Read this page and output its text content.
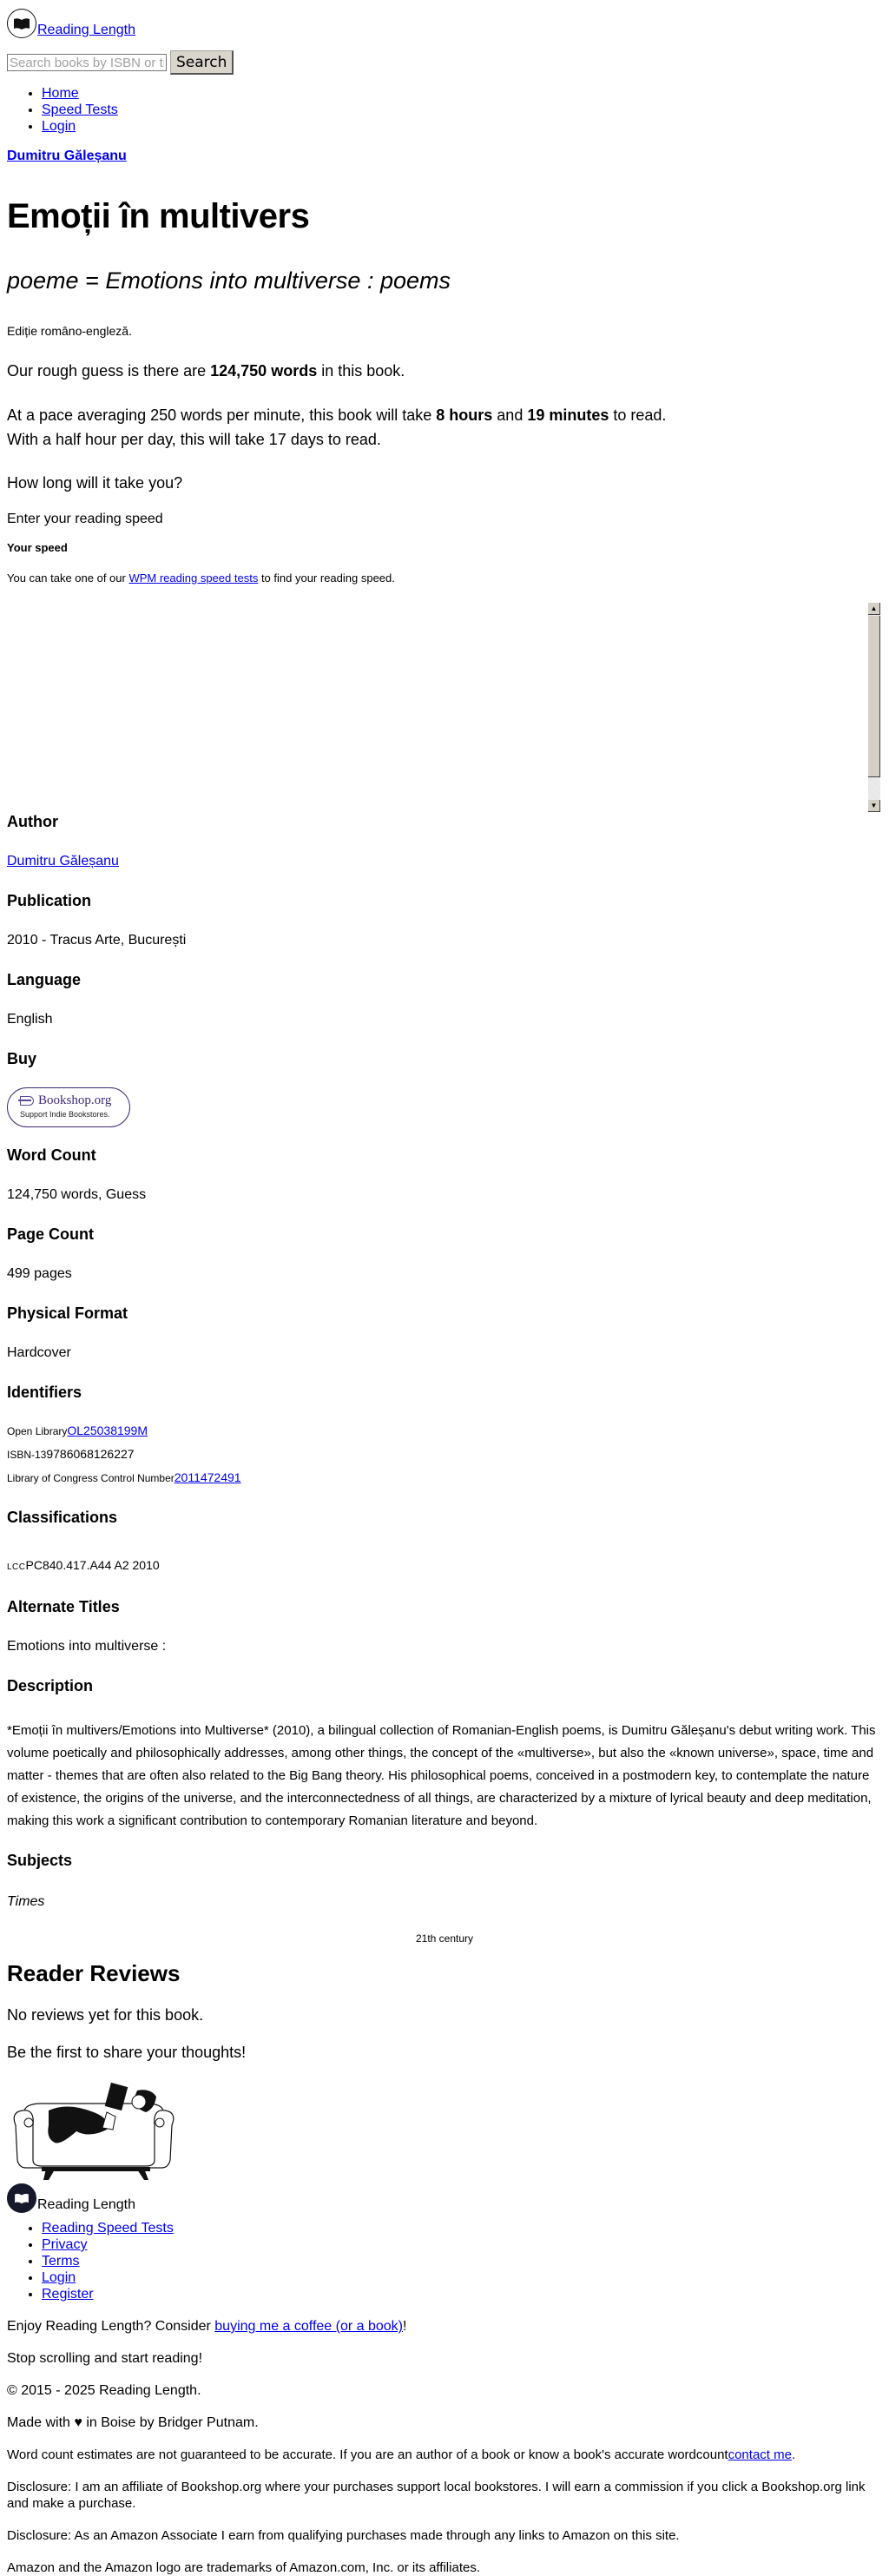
Reading Length
Search books by ISBN or title
Search
• Home
• Speed Tests
• Login
Dumitru Găleșanu
Emoții în multivers
poeme = Emotions into multiverse : poems
Ediție româno-engleză.
Our rough guess is there are 124,750 words in this book.
At a pace averaging 250 words per minute, this book will take 8 hours and 19 minutes to read.
With a half hour per day, this will take 17 days to read.
How long will it take you?
Enter your reading speed
Your speed
You can take one of our WPM reading speed tests to find your reading speed.
▲
▼
Author
Dumitru Găleșanu
Publication
2010 - Tracus Arte, București
Language
English
Buy
Bookshop.org
Support Indie Bookstores.
Word Count
124,750 words, Guess
Page Count
499 pages
Physical Format
Hardcover
Identifiers
Open LibraryOL25038199M
ISBN-139786068126227
Library of Congress Control Number2011472491
Classifications
LCCPC840.417.A44 A2 2010
Alternate Titles
Emotions into multiverse :
Description
*Emoții în multivers/Emotions into Multiverse* (2010), a bilingual collection of Romanian-English poems, is Dumitru Găleșanu's debut writing work. This volume poetically and philosophically addresses, among other things, the concept of the «multiverse», but also the «known universe», space, time and matter - themes that are often also related to the Big Bang theory. His philosophical poems, conceived in a postmodern key, to contemplate the nature of existence, the origins of the universe, and the interconnectedness of all things, are characterized by a mixture of lyrical beauty and deep meditation, making this work a significant contribution to contemporary Romanian literature and beyond.
Subjects
Times
21th century
Reader Reviews
No reviews yet for this book.
Be the first to share your thoughts!
Reading Length
• Reading Speed Tests
• Privacy
• Terms
• Login
• Register

Enjoy Reading Length? Consider buying me a coffee (or a book)!

Stop scrolling and start reading!

© 2015 - 2025 Reading Length.

Made with ♥ in Boise by Bridger Putnam.

Word count estimates are not guaranteed to be accurate. If you are an author of a book or know a book's accurate wordcountcontact me.

Disclosure: I am an affiliate of Bookshop.org where your purchases support local bookstores. I will earn a commission if you click a Bookshop.org link and make a purchase.

Disclosure: As an Amazon Associate I earn from qualifying purchases made through any links to Amazon on this site.

Amazon and the Amazon logo are trademarks of Amazon.com, Inc. or its affiliates.
